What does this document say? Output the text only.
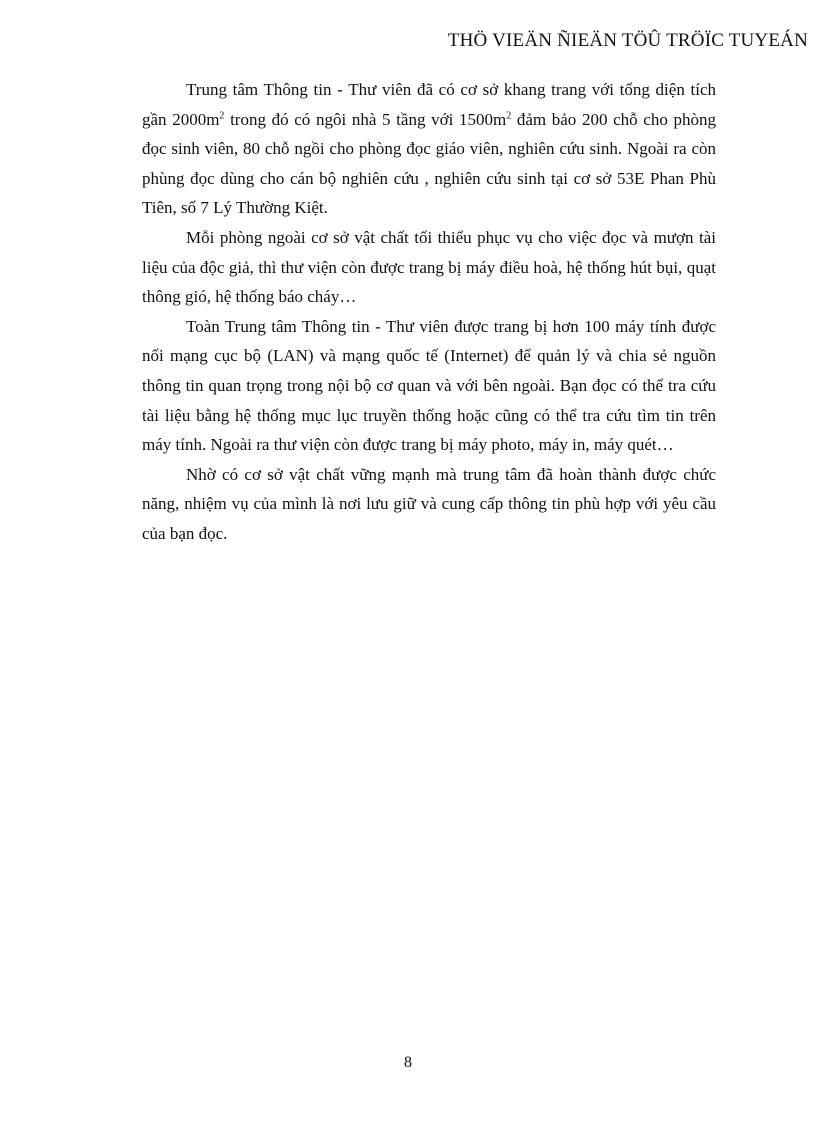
THÖ VIEÄN ÑIEÄN TÖÛ TRÖÏC TUYEÁN

Trung tâm Thông tin - Thư viên đã có cơ sở khang trang với tổng diện tích gần $2000m^2$ trong đó có ngôi nhà 5 tầng với $1500m^2$ đảm bảo 200 chỗ cho phòng đọc sinh viên, 80 chỗ ngồi cho phòng đọc giáo viên, nghiên cứu sinh. Ngoài ra còn phùng đọc dùng cho cán bộ nghiên cứu , nghiên cứu sinh tại cơ sở 53E Phan Phù Tiên, số 7 Lý Thường Kiệt.

Mỗi phòng ngoài cơ sở vật chất tối thiểu phục vụ cho việc đọc và mượn tài liệu của độc giả, thì thư viện còn được trang bị máy điều hoà, hệ thống hút bụi, quạt thông gió, hệ thống báo cháy…

Toàn Trung tâm Thông tin - Thư viên được trang bị hơn 100 máy tính được nối mạng cục bộ (LAN) và mạng quốc tế (Internet) để quản lý và chia sẻ nguồn thông tin quan trọng trong nội bộ cơ quan và với bên ngoài. Bạn đọc có thể tra cứu tài liệu bằng hệ thống mục lục truyền thống hoặc cũng có thể tra cứu tìm tin trên máy tính. Ngoài ra thư viện còn được trang bị máy photo, máy in, máy quét…

Nhờ có cơ sở vật chất vững mạnh mà trung tâm đã hoàn thành được chức năng, nhiệm vụ của mình là nơi lưu giữ và cung cấp thông tin phù hợp với yêu cầu của bạn đọc.

8
